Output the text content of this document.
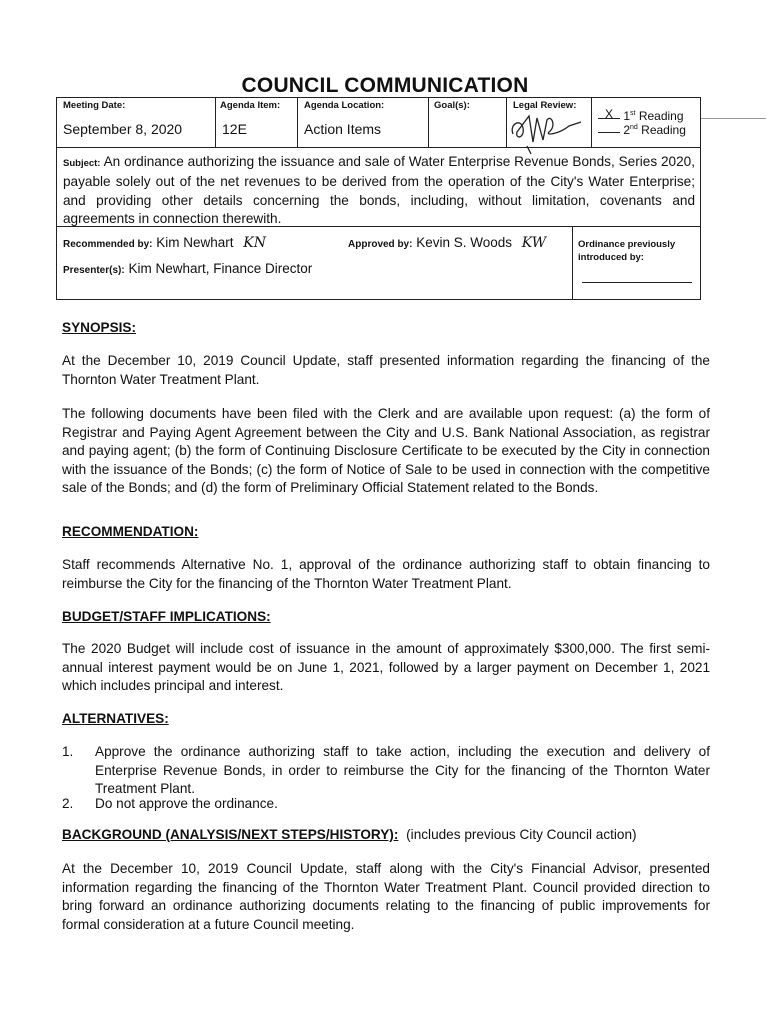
COUNCIL COMMUNICATION
Meeting Date:
September 8, 2020
Agenda Item:
12E
Agenda Location:
Action Items
Goal(s):	Legal Review:
X 1st Reading
2nd Reading
Subject: An ordinance authorizing the issuance and sale of Water Enterprise Revenue Bonds, Series 2020, payable solely out of the net revenues to be derived from the operation of the City's Water Enterprise; and providing other details concerning the bonds, including, without limitation, covenants and agreements in connection therewith.
Recommended by: Kim Newhart KN	Approved by: Kevin S. Woods KW
Presenter(s): Kim Newhart, Finance Director
Ordinance previously introduced by:
SYNOPSIS:
At the December 10, 2019 Council Update, staff presented information regarding the financing of the Thornton Water Treatment Plant.
The following documents have been filed with the Clerk and are available upon request: (a) the form of Registrar and Paying Agent Agreement between the City and U.S. Bank National Association, as registrar and paying agent; (b) the form of Continuing Disclosure Certificate to be executed by the City in connection with the issuance of the Bonds; (c) the form of Notice of Sale to be used in connection with the competitive sale of the Bonds; and (d) the form of Preliminary Official Statement related to the Bonds.
RECOMMENDATION:
Staff recommends Alternative No. 1, approval of the ordinance authorizing staff to obtain financing to reimburse the City for the financing of the Thornton Water Treatment Plant.
BUDGET/STAFF IMPLICATIONS:
The 2020 Budget will include cost of issuance in the amount of approximately $300,000. The first semi-annual interest payment would be on June 1, 2021, followed by a larger payment on December 1, 2021 which includes principal and interest.
ALTERNATIVES:
1. Approve the ordinance authorizing staff to take action, including the execution and delivery of Enterprise Revenue Bonds, in order to reimburse the City for the financing of the Thornton Water Treatment Plant.
2. Do not approve the ordinance.
BACKGROUND (ANALYSIS/NEXT STEPS/HISTORY): (includes previous City Council action)
At the December 10, 2019 Council Update, staff along with the City's Financial Advisor, presented information regarding the financing of the Thornton Water Treatment Plant. Council provided direction to bring forward an ordinance authorizing documents relating to the financing of public improvements for formal consideration at a future Council meeting.
